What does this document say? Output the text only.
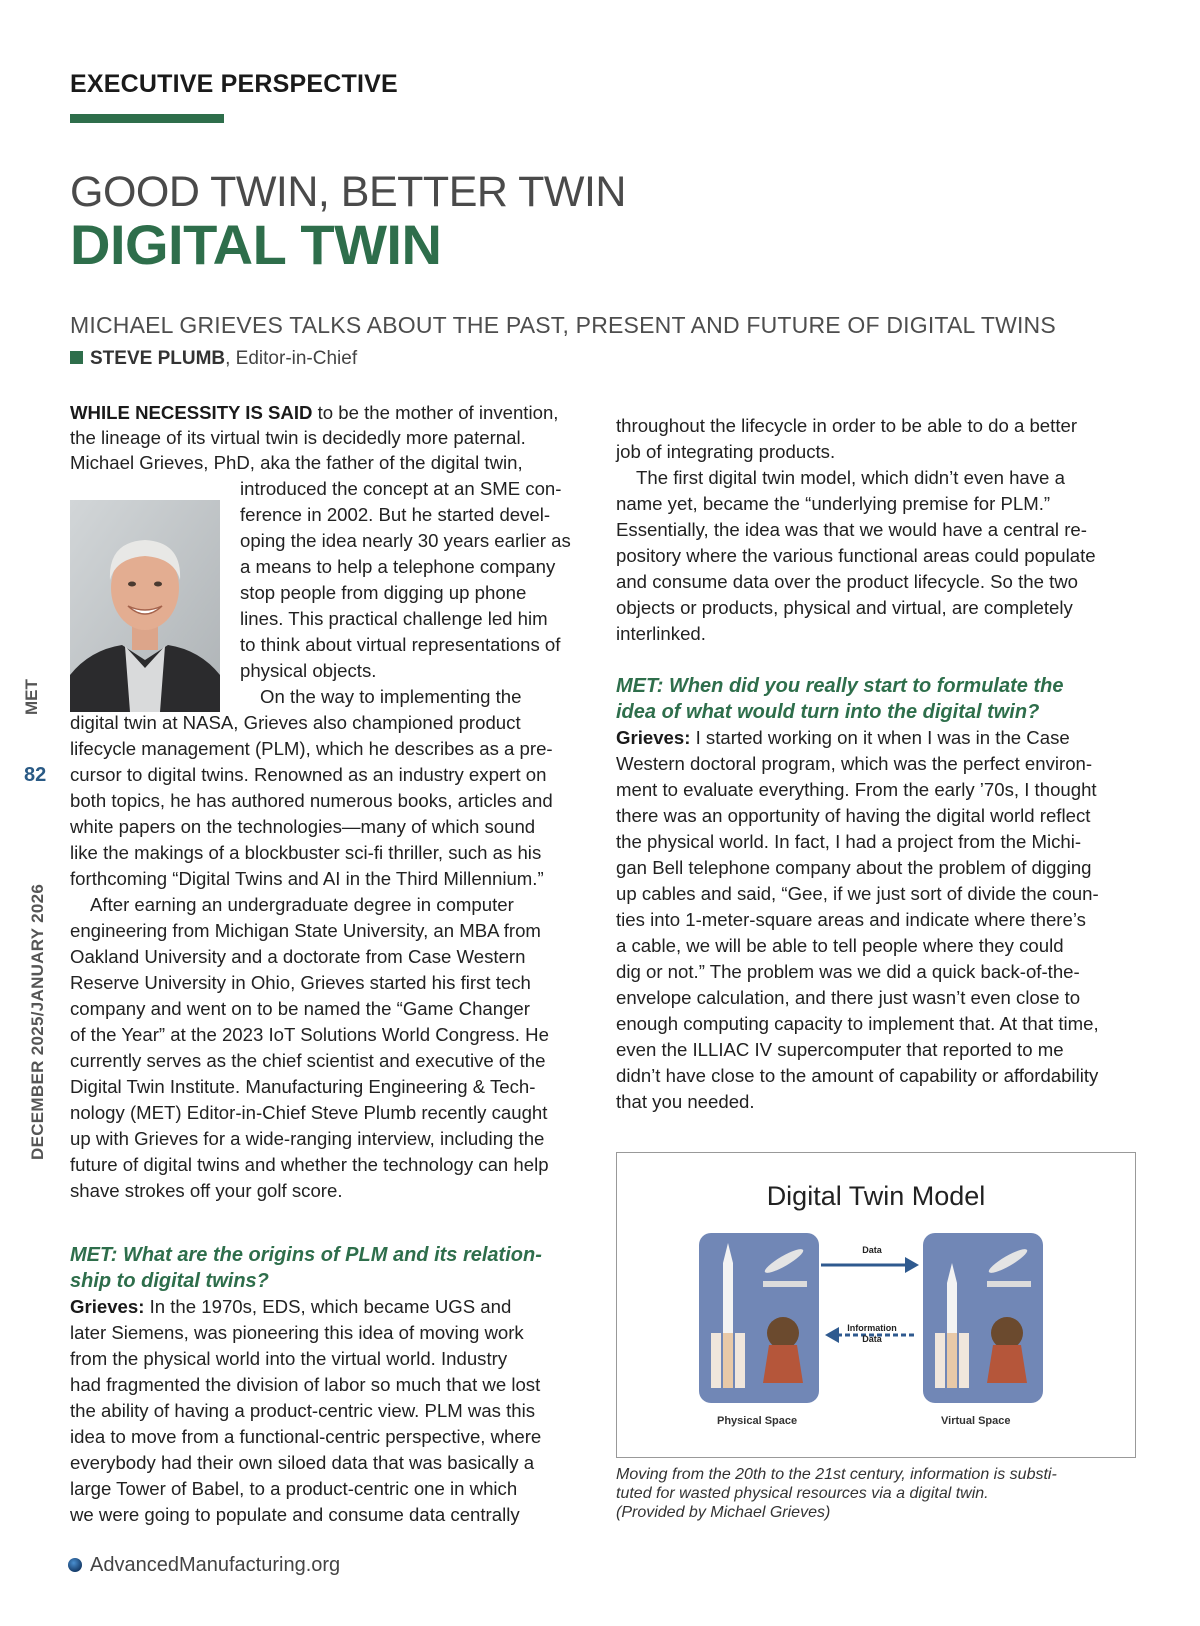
EXECUTIVE PERSPECTIVE
GOOD TWIN, BETTER TWIN
DIGITAL TWIN
MICHAEL GRIEVES TALKS ABOUT THE PAST, PRESENT AND FUTURE OF DIGITAL TWINS
STEVE PLUMB, Editor-in-Chief
MET
82
DECEMBER 2025/JANUARY 2026
WHILE NECESSITY IS SAID to be the mother of invention,
the lineage of its virtual twin is decidedly more paternal.
Michael Grieves, PhD, aka the father of the digital twin,
introduced the concept at an SME con-
ference in 2002. But he started devel-
oping the idea nearly 30 years earlier as
a means to help a telephone company
stop people from digging up phone
lines. This practical challenge led him
to think about virtual representations of
physical objects.
On the way to implementing the
digital twin at NASA, Grieves also championed product
lifecycle management (PLM), which he describes as a pre-
cursor to digital twins. Renowned as an industry expert on
both topics, he has authored numerous books, articles and
white papers on the technologies—many of which sound
like the makings of a blockbuster sci-fi thriller, such as his
forthcoming “Digital Twins and AI in the Third Millennium.”
After earning an undergraduate degree in computer
engineering from Michigan State University, an MBA from
Oakland University and a doctorate from Case Western
Reserve University in Ohio, Grieves started his first tech
company and went on to be named the “Game Changer
of the Year” at the 2023 IoT Solutions World Congress. He
currently serves as the chief scientist and executive of the
Digital Twin Institute. Manufacturing Engineering & Tech-
nology (MET) Editor-in-Chief Steve Plumb recently caught
up with Grieves for a wide-ranging interview, including the
future of digital twins and whether the technology can help
shave strokes off your golf score.
MET: What are the origins of PLM and its relation-
ship to digital twins?
Grieves: In the 1970s, EDS, which became UGS and
later Siemens, was pioneering this idea of moving work
from the physical world into the virtual world. Industry
had fragmented the division of labor so much that we lost
the ability of having a product-centric view. PLM was this
idea to move from a functional-centric perspective, where
everybody had their own siloed data that was basically a
large Tower of Babel, to a product-centric one in which
we were going to populate and consume data centrally
throughout the lifecycle in order to be able to do a better
job of integrating products.
The first digital twin model, which didn’t even have a
name yet, became the “underlying premise for PLM.”
Essentially, the idea was that we would have a central re-
pository where the various functional areas could populate
and consume data over the product lifecycle. So the two
objects or products, physical and virtual, are completely
interlinked.
MET: When did you really start to formulate the
idea of what would turn into the digital twin?
Grieves: I started working on it when I was in the Case
Western doctoral program, which was the perfect environ-
ment to evaluate everything. From the early ’70s, I thought
there was an opportunity of having the digital world reflect
the physical world. In fact, I had a project from the Michi-
gan Bell telephone company about the problem of digging
up cables and said, “Gee, if we just sort of divide the coun-
ties into 1-meter-square areas and indicate where there’s
a cable, we will be able to tell people where they could
dig or not.” The problem was we did a quick back-of-the-
envelope calculation, and there just wasn’t even close to
enough computing capacity to implement that. At that time,
even the ILLIAC IV supercomputer that reported to me
didn’t have close to the amount of capability or affordability
that you needed.
Digital Twin Model
Data
Information
Data
Physical Space	Virtual Space
Moving from the 20th to the 21st century, information is substi-
tuted for wasted physical resources via a digital twin.
(Provided by Michael Grieves)
AdvancedManufacturing.org
